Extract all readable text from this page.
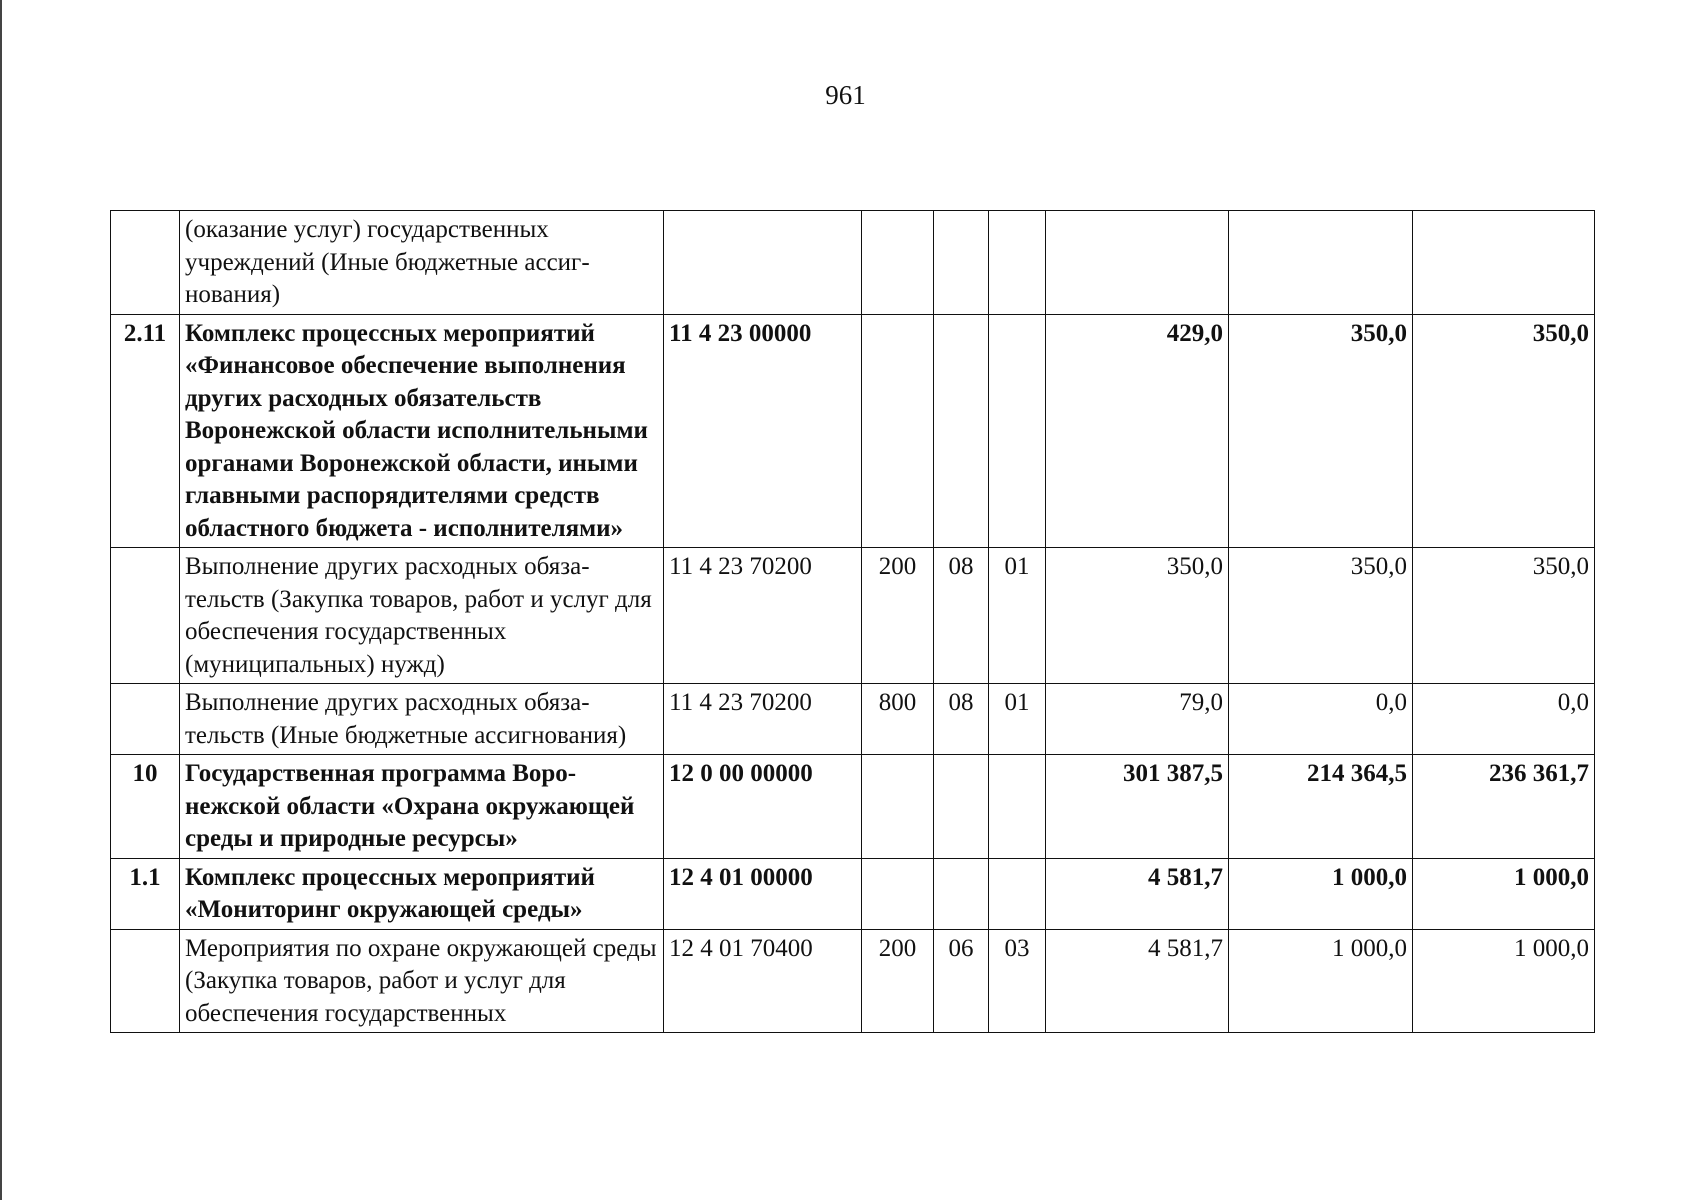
961
	(оказание услуг) государственных учреждений (Иные бюджетные ассигнования)							
2.11	Комплекс процессных мероприятий «Финансовое обеспечение выполнения других расходных обязательств Воронежской области исполнительными органами Воронежской области, иными главными распорядителями средств областного бюджета - исполнителями»	11 4 23 00000				429,0	350,0	350,0
	Выполнение других расходных обязательств (Закупка товаров, работ и услуг для обеспечения государственных (муниципальных) нужд)	11 4 23 70200	200	08	01	350,0	350,0	350,0
	Выполнение других расходных обязательств (Иные бюджетные ассигнования)	11 4 23 70200	800	08	01	79,0	0,0	0,0
10	Государственная программа Воронежской области «Охрана окружающей среды и природные ресурсы»	12 0 00 00000				301 387,5	214 364,5	236 361,7
1.1	Комплекс процессных мероприятий «Мониторинг окружающей среды»	12 4 01 00000				4 581,7	1 000,0	1 000,0
	Мероприятия по охране окружающей среды (Закупка товаров, работ и услуг для обеспечения государственных	12 4 01 70400	200	06	03	4 581,7	1 000,0	1 000,0
